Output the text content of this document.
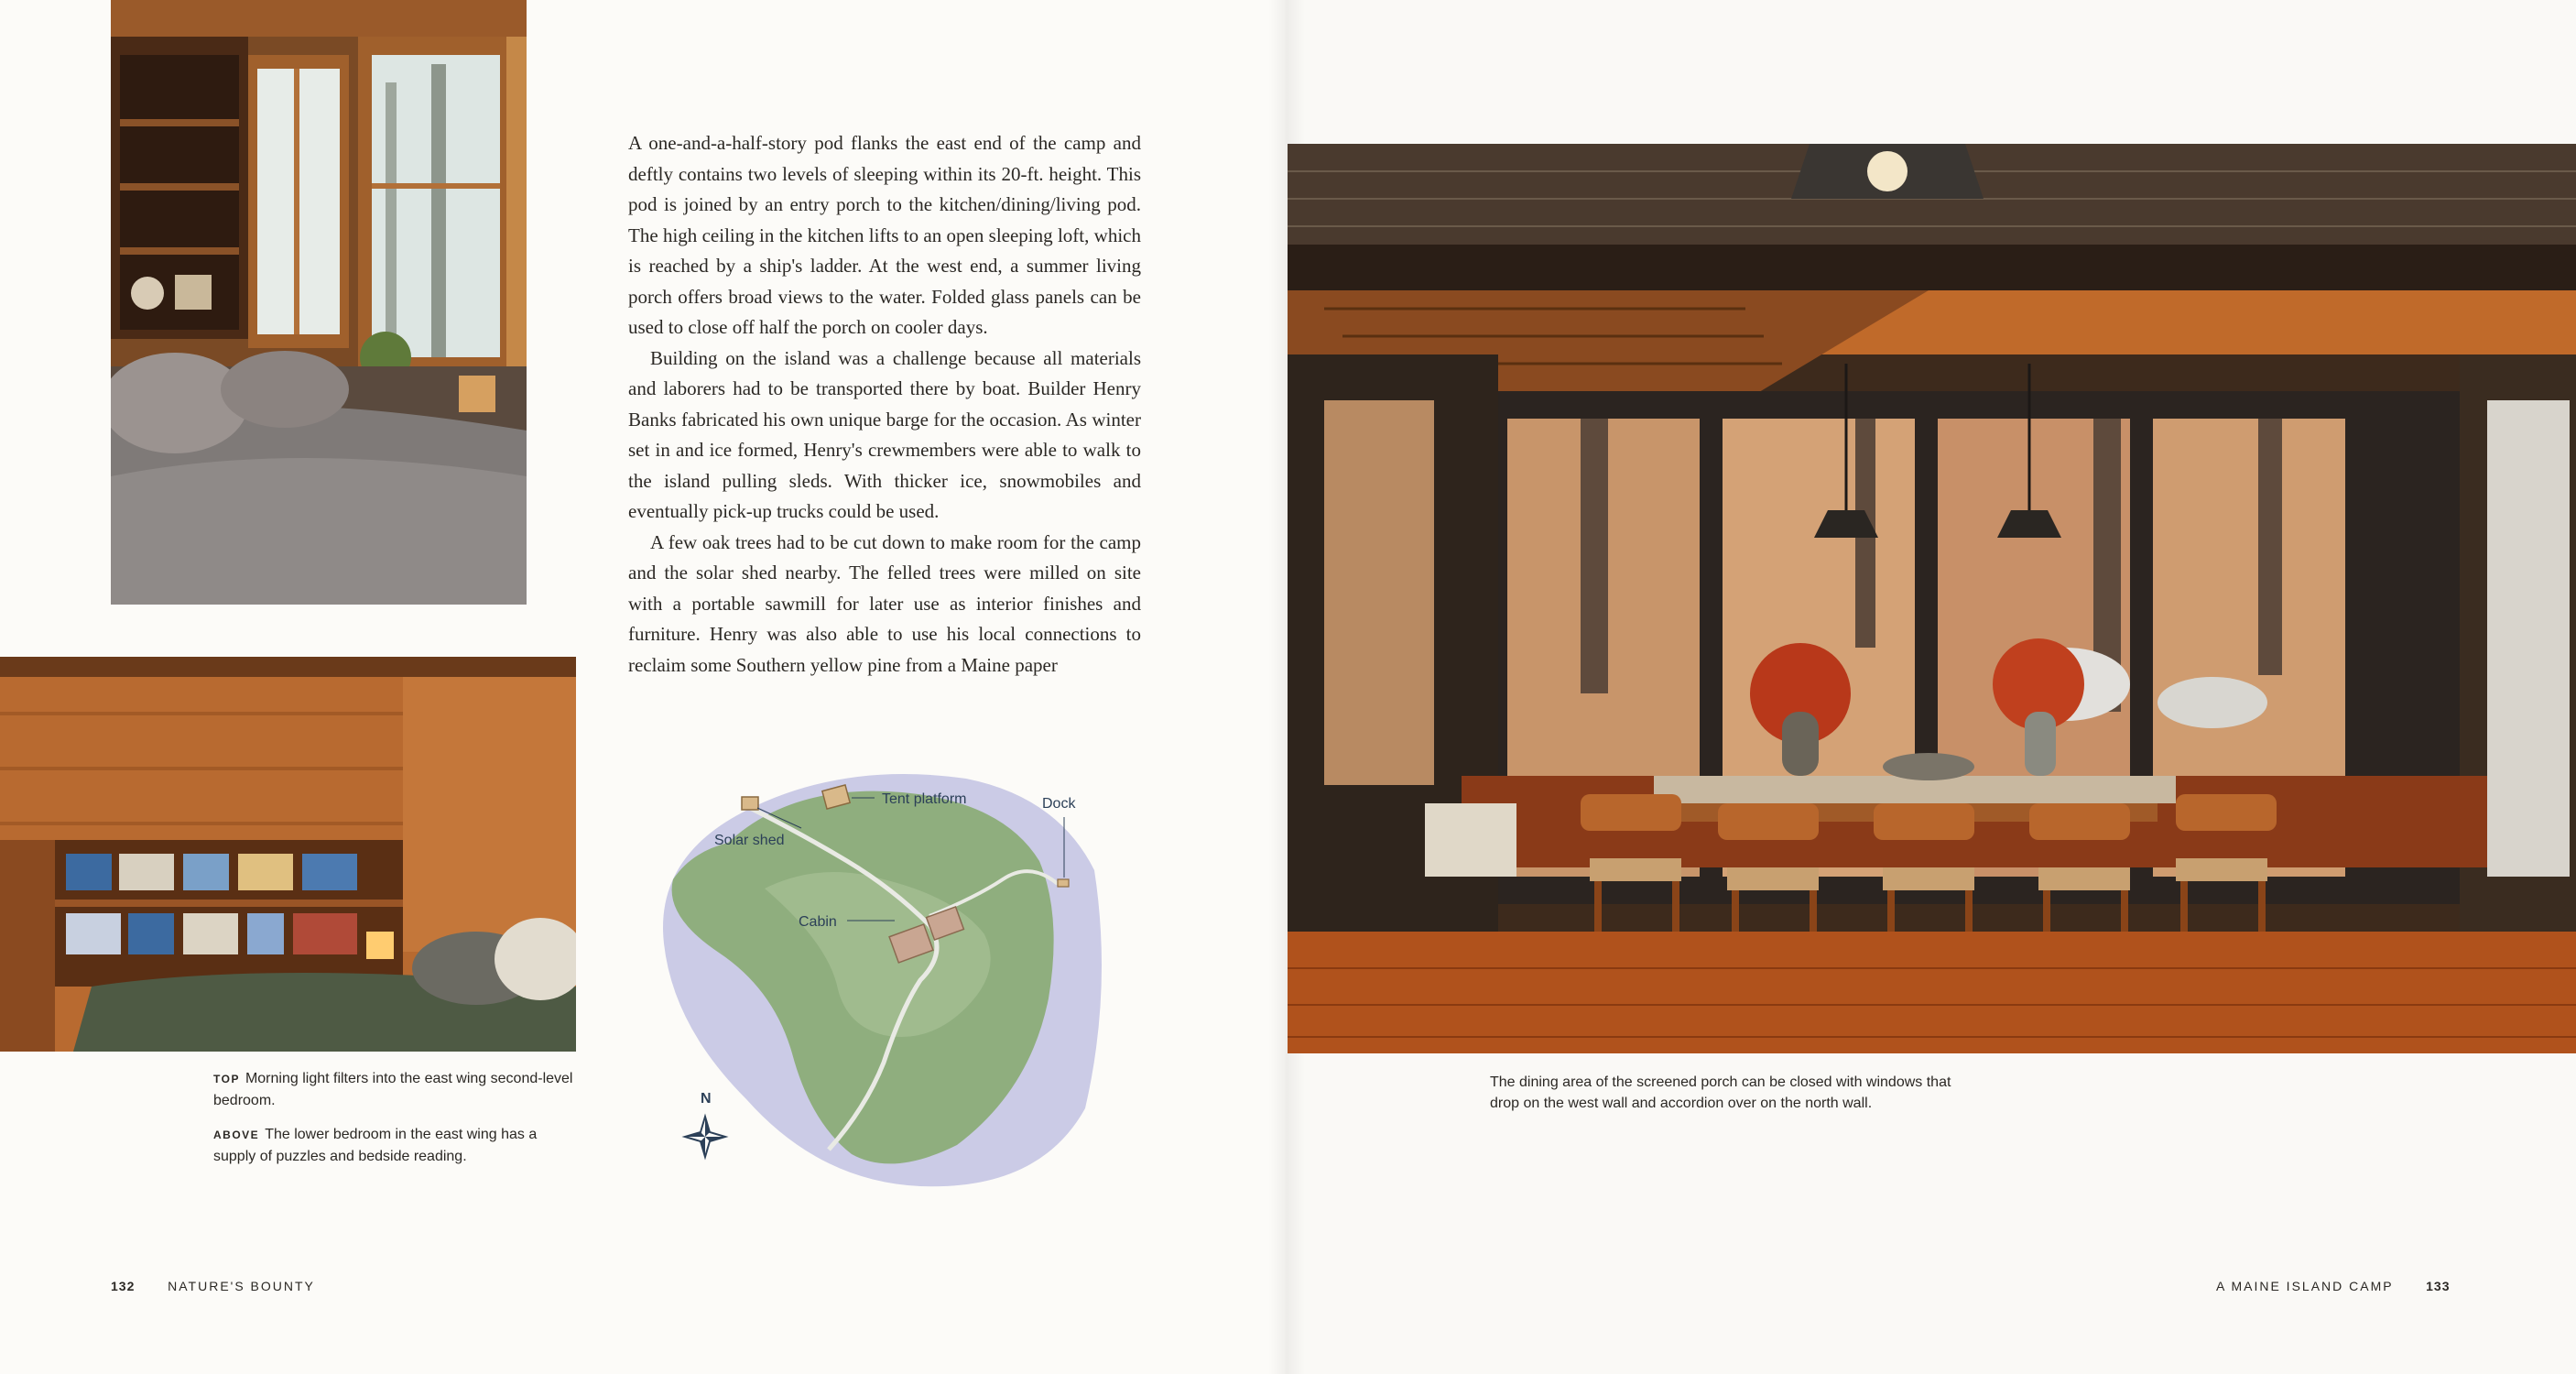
A one-and-a-half-story pod flanks the east end of the camp and deftly contains two levels of sleeping within its 20-ft. height. This pod is joined by an entry porch to the kitchen/dining/living pod. The high ceiling in the kitchen lifts to an open sleeping loft, which is reached by a ship's ladder. At the west end, a summer living porch offers broad views to the water. Folded glass panels can be used to close off half the porch on cooler days.

Building on the island was a challenge because all materials and laborers had to be transported there by boat. Builder Henry Banks fabricated his own unique barge for the occasion. As winter set in and ice formed, Henry's crewmembers were able to walk to the island pulling sleds. With thicker ice, snowmobiles and eventually pick-up trucks could be used.

A few oak trees had to be cut down to make room for the camp and the solar shed nearby. The felled trees were milled on site with a portable sawmill for later use as interior finishes and furniture. Henry was also able to use his local connections to reclaim some Southern yellow pine from a Maine paper

TOP Morning light filters into the east wing second-level bedroom.

ABOVE The lower bedroom in the east wing has a supply of puzzles and bedside reading.

Tent platform	Dock
Solar shed
Cabin
N

The dining area of the screened porch can be closed with windows that drop on the west wall and accordion over on the north wall.

132	NATURE'S BOUNTY	A MAINE ISLAND CAMP	133
